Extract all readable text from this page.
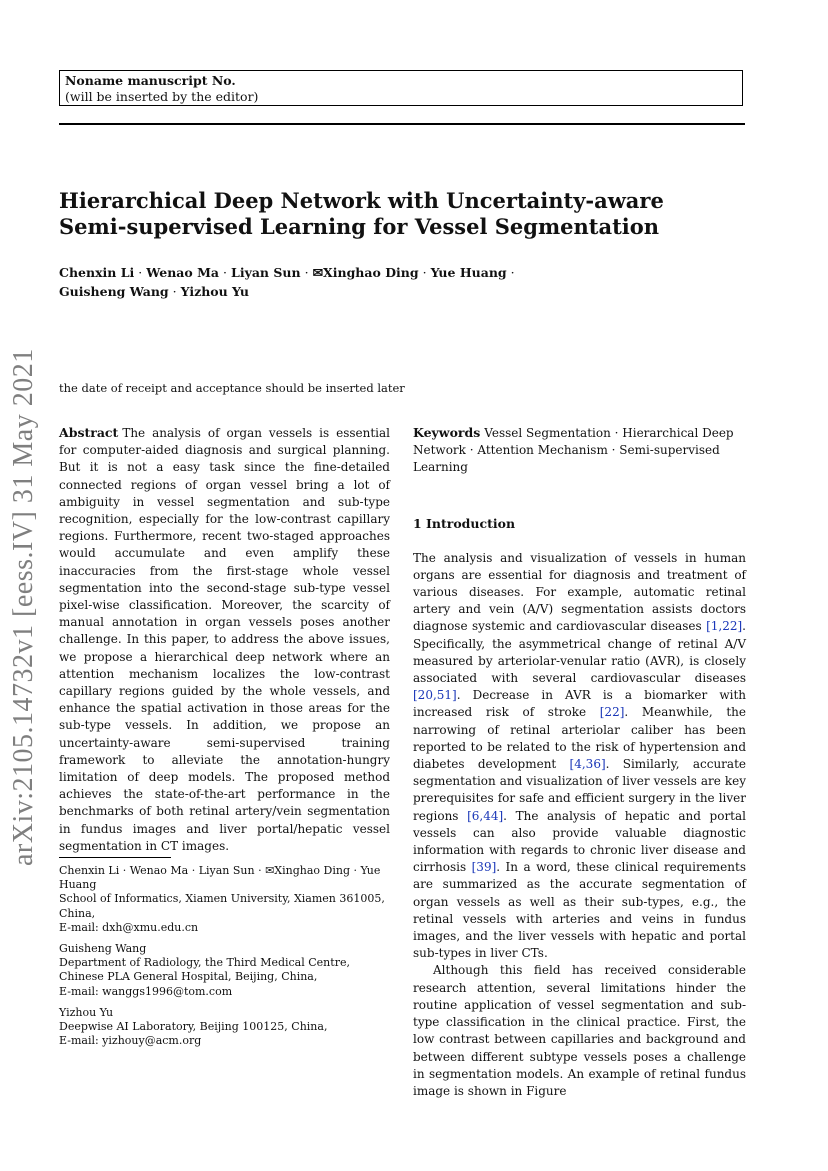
arXiv:2105.14732v1 [eess.IV] 31 May 2021
Noname manuscript No.
(will be inserted by the editor)
Hierarchical Deep Network with Uncertainty-aware
Semi-supervised Learning for Vessel Segmentation
Chenxin Li · Wenao Ma · Liyan Sun · ✉Xinghao Ding · Yue Huang ·
Guisheng Wang · Yizhou Yu
the date of receipt and acceptance should be inserted later

Abstract The analysis of organ vessels is essential for computer-aided diagnosis and surgical planning. But it is not a easy task since the fine-detailed connected regions of organ vessel bring a lot of ambiguity in vessel segmentation and sub-type recognition, especially for the low-contrast capillary regions. Furthermore, recent two-staged approaches would accumulate and even amplify these inaccuracies from the first-stage whole vessel segmentation into the second-stage sub-type vessel pixel-wise classification. Moreover, the scarcity of manual annotation in organ vessels poses another challenge. In this paper, to address the above issues, we propose a hierarchical deep network where an attention mechanism localizes the low-contrast capillary regions guided by the whole vessels, and enhance the spatial activation in those areas for the sub-type vessels. In addition, we propose an uncertainty-aware semi-supervised training framework to alleviate the annotation-hungry limitation of deep models. The proposed method achieves the state-of-the-art performance in the benchmarks of both retinal artery/vein segmentation in fundus images and liver portal/hepatic vessel segmentation in CT images.

Keywords Vessel Segmentation · Hierarchical Deep Network · Attention Mechanism · Semi-supervised Learning

1 Introduction

The analysis and visualization of vessels in human organs are essential for diagnosis and treatment of various diseases. For example, automatic retinal artery and vein (A/V) segmentation assists doctors diagnose systemic and cardiovascular diseases [1,22]. Specifically, the asymmetrical change of retinal A/V measured by arteriolar-venular ratio (AVR), is closely associated with several cardiovascular diseases [20,51]. Decrease in AVR is a biomarker with increased risk of stroke [22]. Meanwhile, the narrowing of retinal arteriolar caliber has been reported to be related to the risk of hypertension and diabetes development [4,36]. Similarly, accurate segmentation and visualization of liver vessels are key prerequisites for safe and efficient surgery in the liver regions [6,44]. The analysis of hepatic and portal vessels can also provide valuable diagnostic information with regards to chronic liver disease and cirrhosis [39]. In a word, these clinical requirements are summarized as the accurate segmentation of organ vessels as well as their sub-types, e.g., the retinal vessels with arteries and veins in fundus images, and the liver vessels with hepatic and portal sub-types in liver CTs.

Although this field has received considerable research attention, several limitations hinder the routine application of vessel segmentation and sub-type classification in the clinical practice. First, the low contrast between capillaries and background and between different subtype vessels poses a challenge in segmentation models. An example of retinal fundus image is shown in Figure

Chenxin Li · Wenao Ma · Liyan Sun · ✉Xinghao Ding · Yue Huang
School of Informatics, Xiamen University, Xiamen 361005, China,
E-mail: dxh@xmu.edu.cn
Guisheng Wang
Department of Radiology, the Third Medical Centre, Chinese PLA General Hospital, Beijing, China,
E-mail: wanggs1996@tom.com
Yizhou Yu
Deepwise AI Laboratory, Beijing 100125, China,
E-mail: yizhouy@acm.org
